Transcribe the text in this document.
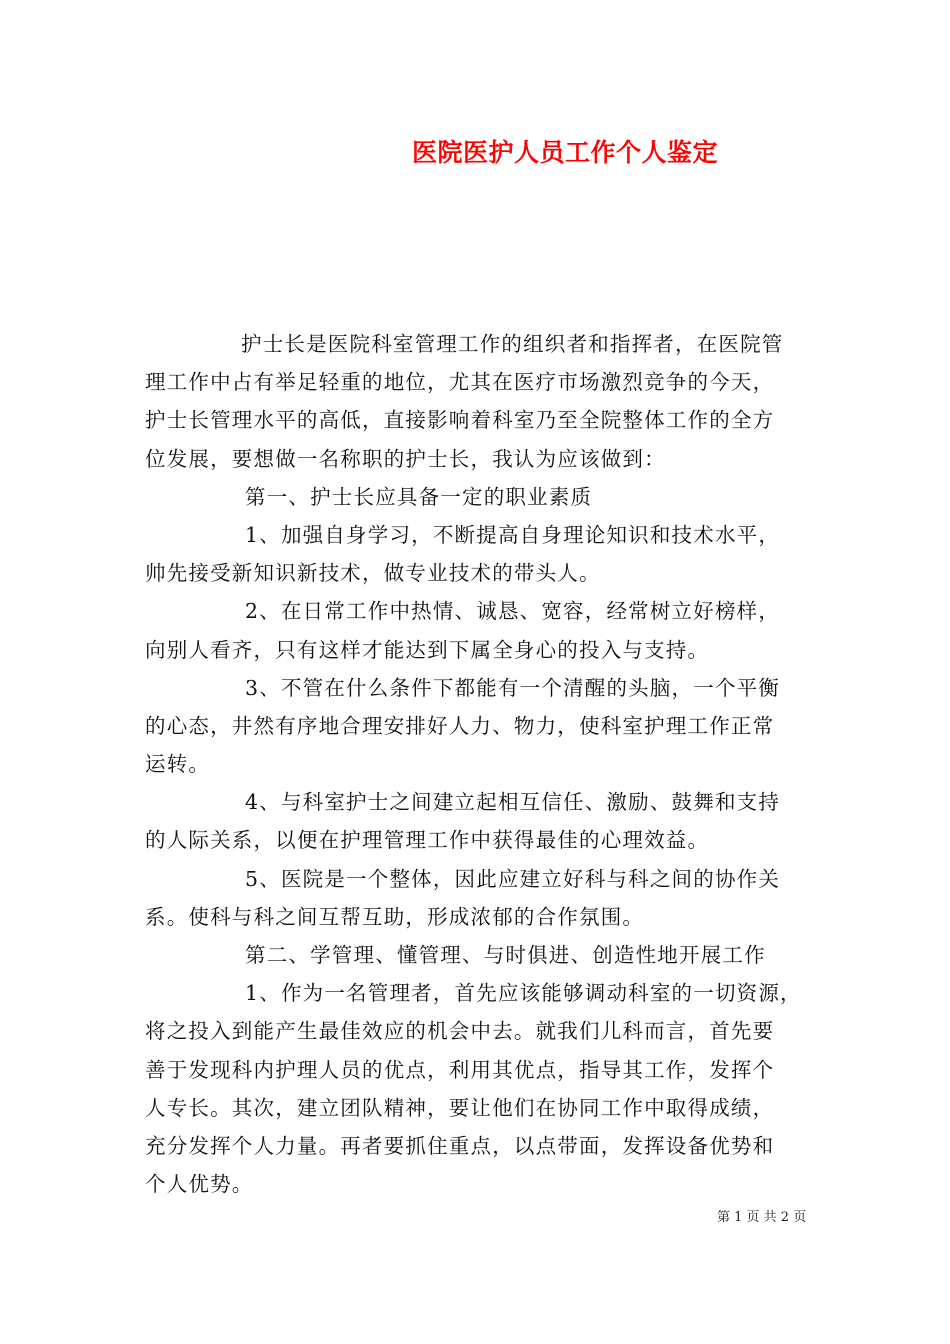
医院医护人员工作个人鉴定
护士长是医院科室管理工作的组织者和指挥者，在医院管
理工作中占有举足轻重的地位，尤其在医疗市场激烈竞争的今天，
护士长管理水平的高低，直接影响着科室乃至全院整体工作的全方
位发展，要想做一名称职的护士长，我认为应该做到：
第一、护士长应具备一定的职业素质
1、加强自身学习，不断提高自身理论知识和技术水平，
帅先接受新知识新技术，做专业技术的带头人。
2、在日常工作中热情、诚恳、宽容，经常树立好榜样，
向别人看齐，只有这样才能达到下属全身心的投入与支持。
3、不管在什么条件下都能有一个清醒的头脑，一个平衡
的心态，井然有序地合理安排好人力、物力，使科室护理工作正常
运转。
4、与科室护士之间建立起相互信任、激励、鼓舞和支持
的人际关系，以便在护理管理工作中获得最佳的心理效益。
5、医院是一个整体，因此应建立好科与科之间的协作关
系。使科与科之间互帮互助，形成浓郁的合作氛围。
第二、学管理、懂管理、与时俱进、创造性地开展工作
1、作为一名管理者，首先应该能够调动科室的一切资源，
将之投入到能产生最佳效应的机会中去。就我们儿科而言，首先要
善于发现科内护理人员的优点，利用其优点，指导其工作，发挥个
人专长。其次，建立团队精神，要让他们在协同工作中取得成绩，
充分发挥个人力量。再者要抓住重点，以点带面，发挥设备优势和
个人优势。
第 1 页 共 2 页
